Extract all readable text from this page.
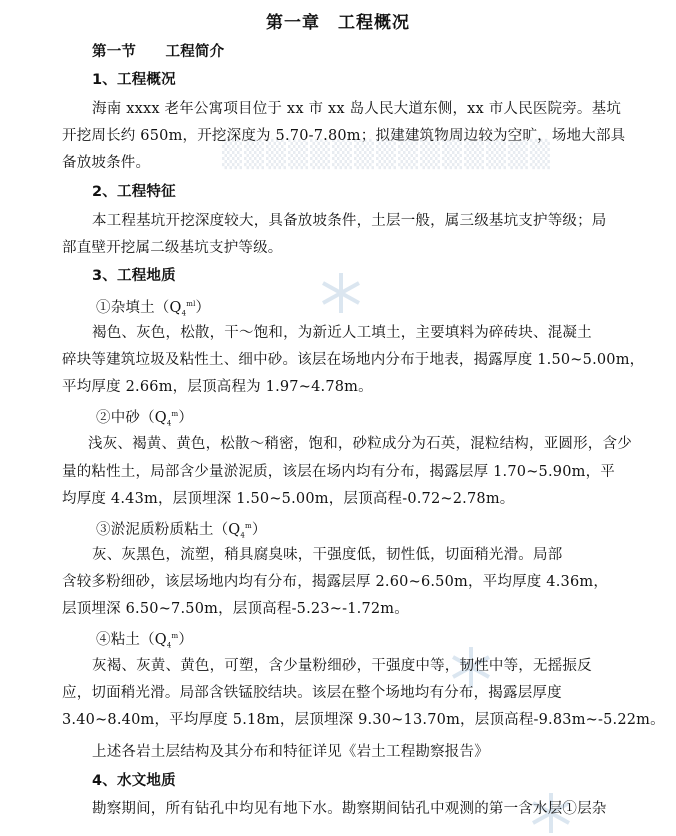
▒▒▒▒▒▒▒▒▒▒▒▒▒▒▒
第一章　工程概况
第一节　　工程简介
1、工程概况
海南 xxxx 老年公寓项目位于 xx 市 xx 岛人民大道东侧，xx 市人民医院旁。基坑
开挖周长约 650m，开挖深度为 5.70-7.80m；拟建建筑物周边较为空旷，场地大部具
备放坡条件。
2、工程特征
本工程基坑开挖深度较大，具备放坡条件，土层一般，属三级基坑支护等级；局
部直壁开挖属二级基坑支护等级。
3、工程地质
①杂填土$(Q_4^{ml})$
褐色、灰色，松散，干～饱和，为新近人工填土，主要填料为碎砖块、混凝土
碎块等建筑垃圾及粘性土、细中砂。该层在场地内分布于地表，揭露厚度 1.50~5.00m，
平均厚度 2.66m，层顶高程为 1.97~4.78m。
②中砂$(Q_4^m)$
浅灰、褐黄、黄色，松散～稍密，饱和，砂粒成分为石英，混粒结构，亚圆形，含少
量的粘性土，局部含少量淤泥质，该层在场内均有分布，揭露层厚 1.70~5.90m，平
均厚度 4.43m，层顶埋深 1.50~5.00m，层顶高程-0.72~2.78m。
③淤泥质粉质粘土$(Q_4^m)$
灰、灰黑色，流塑，稍具腐臭味，干强度低，韧性低，切面稍光滑。局部
含较多粉细砂，该层场地内均有分布，揭露层厚 2.60~6.50m，平均厚度 4.36m，
层顶埋深 6.50~7.50m，层顶高程-5.23~-1.72m。
④粘土$(Q_4^m)$
灰褐、灰黄、黄色，可塑，含少量粉细砂，干强度中等，韧性中等，无摇振反
应，切面稍光滑。局部含铁锰胶结块。该层在整个场地均有分布，揭露层厚度
3.40~8.40m，平均厚度 5.18m，层顶埋深 9.30~13.70m，层顶高程-9.83m~-5.22m。
上述各岩土层结构及其分布和特征详见《岩土工程勘察报告》
4、水文地质
勘察期间，所有钻孔中均见有地下水。勘察期间钻孔中观测的第一含水层①层杂
